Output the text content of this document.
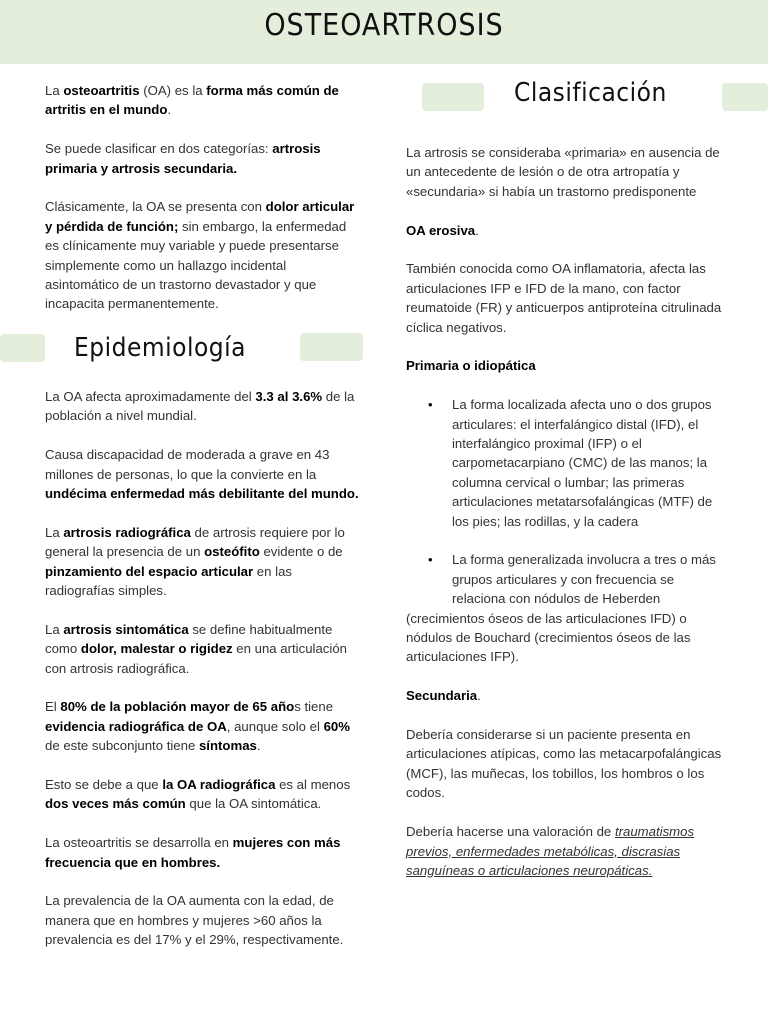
OSTEOARTROSIS
Clasificación
Epidemiología

La osteoartritis (OA) es la forma más común de artritis en el mundo.

Se puede clasificar en dos categorías: artrosis primaria y artrosis secundaria.

Clásicamente, la OA se presenta con dolor articular y pérdida de función; sin embargo, la enfermedad es clínicamente muy variable y puede presentarse simplemente como un hallazgo incidental asintomático de un trastorno devastador y que incapacita permanentemente.

La OA afecta aproximadamente del 3.3 al 3.6% de la población a nivel mundial.

Causa discapacidad de moderada a grave en 43 millones de personas, lo que la convierte en la undécima enfermedad más debilitante del mundo.

La artrosis radiográfica de artrosis requiere por lo general la presencia de un osteófito evidente o de pinzamiento del espacio articular en las radiografías simples.

La artrosis sintomática se define habitualmente como dolor, malestar o rigidez en una articulación con artrosis radiográfica.

El 80% de la población mayor de 65 años tiene evidencia radiográfica de OA, aunque solo el 60% de este subconjunto tiene síntomas.

Esto se debe a que la OA radiográfica es al menos dos veces más común que la OA sintomática.

La osteoartritis se desarrolla en mujeres con más frecuencia que en hombres.

La prevalencia de la OA aumenta con la edad, de manera que en hombres y mujeres >60 años la prevalencia es del 17% y el 29%, respectivamente.

La artrosis se consideraba «primaria» en ausencia de un antecedente de lesión o de otra artropatía y «secundaria» si había un trastorno predisponente

OA erosiva.

También conocida como OA inflamatoria, afecta las articulaciones IFP e IFD de la mano, con factor reumatoide (FR) y anticuerpos antiproteína citrulinada cíclica negativos.

Primaria o idiopática

•	La forma localizada afecta uno o dos grupos articulares: el interfalángico distal (IFD), el interfalángico proximal (IFP) o el carpometacarpiano (CMC) de las manos; la columna cervical o lumbar; las primeras articulaciones metatarsofalángicas (MTF) de los pies; las rodillas, y la cadera
•	La forma generalizada involucra a tres o más grupos articulares y con frecuencia se relaciona con nódulos de Heberden
(crecimientos óseos de las articulaciones IFD) o nódulos de Bouchard (crecimientos óseos de las articulaciones IFP).

Secundaria.

Debería considerarse si un paciente presenta en articulaciones atípicas, como las metacarpofalángicas (MCF), las muñecas, los tobillos, los hombros o los codos.

Debería hacerse una valoración de traumatismos previos, enfermedades metabólicas, discrasias sanguíneas o articulaciones neuropáticas.
